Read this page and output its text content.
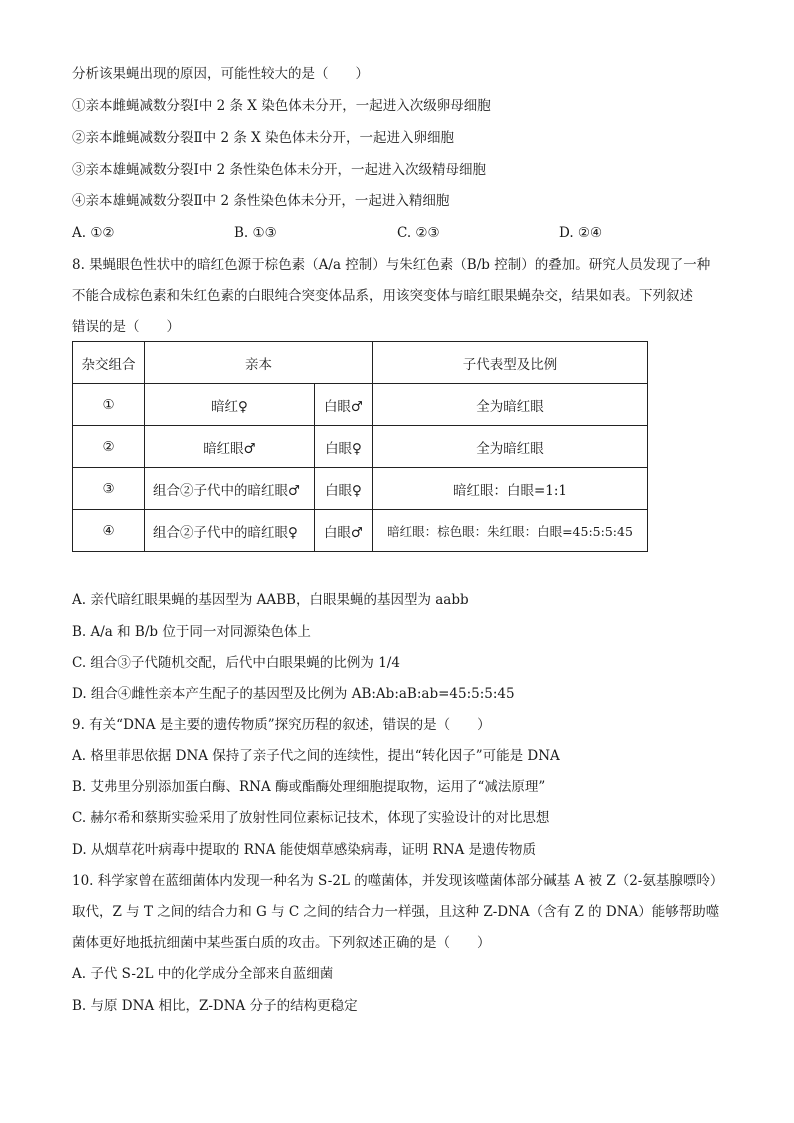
分析该果蝇出现的原因，可能性较大的是（　　）
①亲本雌蝇减数分裂Ⅰ中 2 条 X 染色体未分开，一起进入次级卵母细胞
②亲本雌蝇减数分裂Ⅱ中 2 条 X 染色体未分开，一起进入卵细胞
③亲本雄蝇减数分裂Ⅰ中 2 条性染色体未分开，一起进入次级精母细胞
④亲本雄蝇减数分裂Ⅱ中 2 条性染色体未分开，一起进入精细胞
A. ①②	B. ①③	C. ②③	D. ②④
8. 果蝇眼色性状中的暗红色源于棕色素（A/a 控制）与朱红色素（B/b 控制）的叠加。研究人员发现了一种
不能合成棕色素和朱红色素的白眼纯合突变体品系，用该突变体与暗红眼果蝇杂交，结果如表。下列叙述
错误的是（　　）
杂交组合	亲本		子代表型及比例
①	暗红♀	白眼♂	全为暗红眼
②	暗红眼♂	白眼♀	全为暗红眼
③	组合②子代中的暗红眼♂	白眼♀	暗红眼：白眼=1:1
④	组合②子代中的暗红眼♀	白眼♂	暗红眼：棕色眼：朱红眼：白眼=45:5:5:45
A. 亲代暗红眼果蝇的基因型为 AABB，白眼果蝇的基因型为 aabb
B. A/a 和 B/b 位于同一对同源染色体上
C. 组合③子代随机交配，后代中白眼果蝇的比例为 1/4
D. 组合④雌性亲本产生配子的基因型及比例为 AB:Ab:aB:ab=45:5:5:45
9. 有关“DNA 是主要的遗传物质”探究历程的叙述，错误的是（　　）
A. 格里菲思依据 DNA 保持了亲子代之间的连续性，提出“转化因子”可能是 DNA
B. 艾弗里分别添加蛋白酶、RNA 酶或酯酶处理细胞提取物，运用了“减法原理”
C. 赫尔希和蔡斯实验采用了放射性同位素标记技术，体现了实验设计的对比思想
D. 从烟草花叶病毒中提取的 RNA 能使烟草感染病毒，证明 RNA 是遗传物质
10. 科学家曾在蓝细菌体内发现一种名为 S-2L 的噬菌体，并发现该噬菌体部分碱基 A 被 Z（2-氨基腺嘌呤）
取代，Z 与 T 之间的结合力和 G 与 C 之间的结合力一样强，且这种 Z-DNA（含有 Z 的 DNA）能够帮助噬
菌体更好地抵抗细菌中某些蛋白质的攻击。下列叙述正确的是（　　）
A. 子代 S-2L 中的化学成分全部来自蓝细菌
B. 与原 DNA 相比，Z-DNA 分子的结构更稳定
